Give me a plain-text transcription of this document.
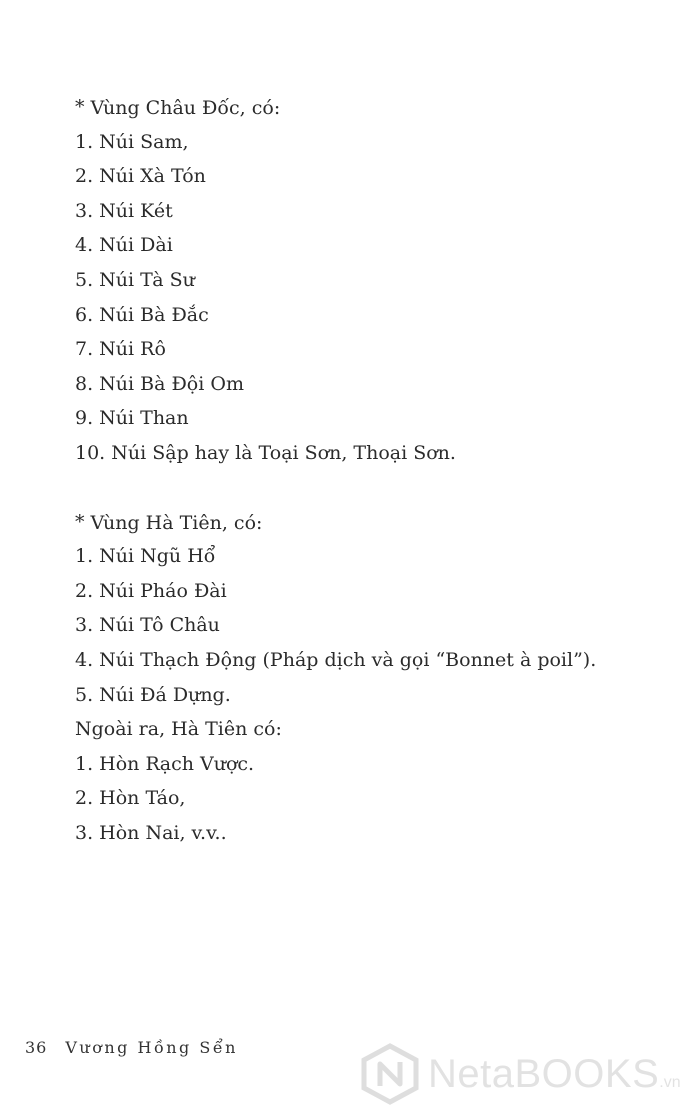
* Vùng Châu Đốc, có:
1. Núi Sam,
2. Núi Xà Tón
3. Núi Két
4. Núi Dài
5. Núi Tà Sư
6. Núi Bà Đắc
7. Núi Rô
8. Núi Bà Đội Om
9. Núi Than
10. Núi Sập hay là Toại Sơn, Thoại Sơn.
* Vùng Hà Tiên, có:
1. Núi Ngũ Hổ
2. Núi Pháo Đài
3. Núi Tô Châu
4. Núi Thạch Động (Pháp dịch và gọi “Bonnet à poil”).
5. Núi Đá Dựng.
Ngoài ra, Hà Tiên có:
1. Hòn Rạch Vược.
2. Hòn Táo,
3. Hòn Nai, v.v..
36 Vương Hồng Sển
NetaBOOKS.vn
